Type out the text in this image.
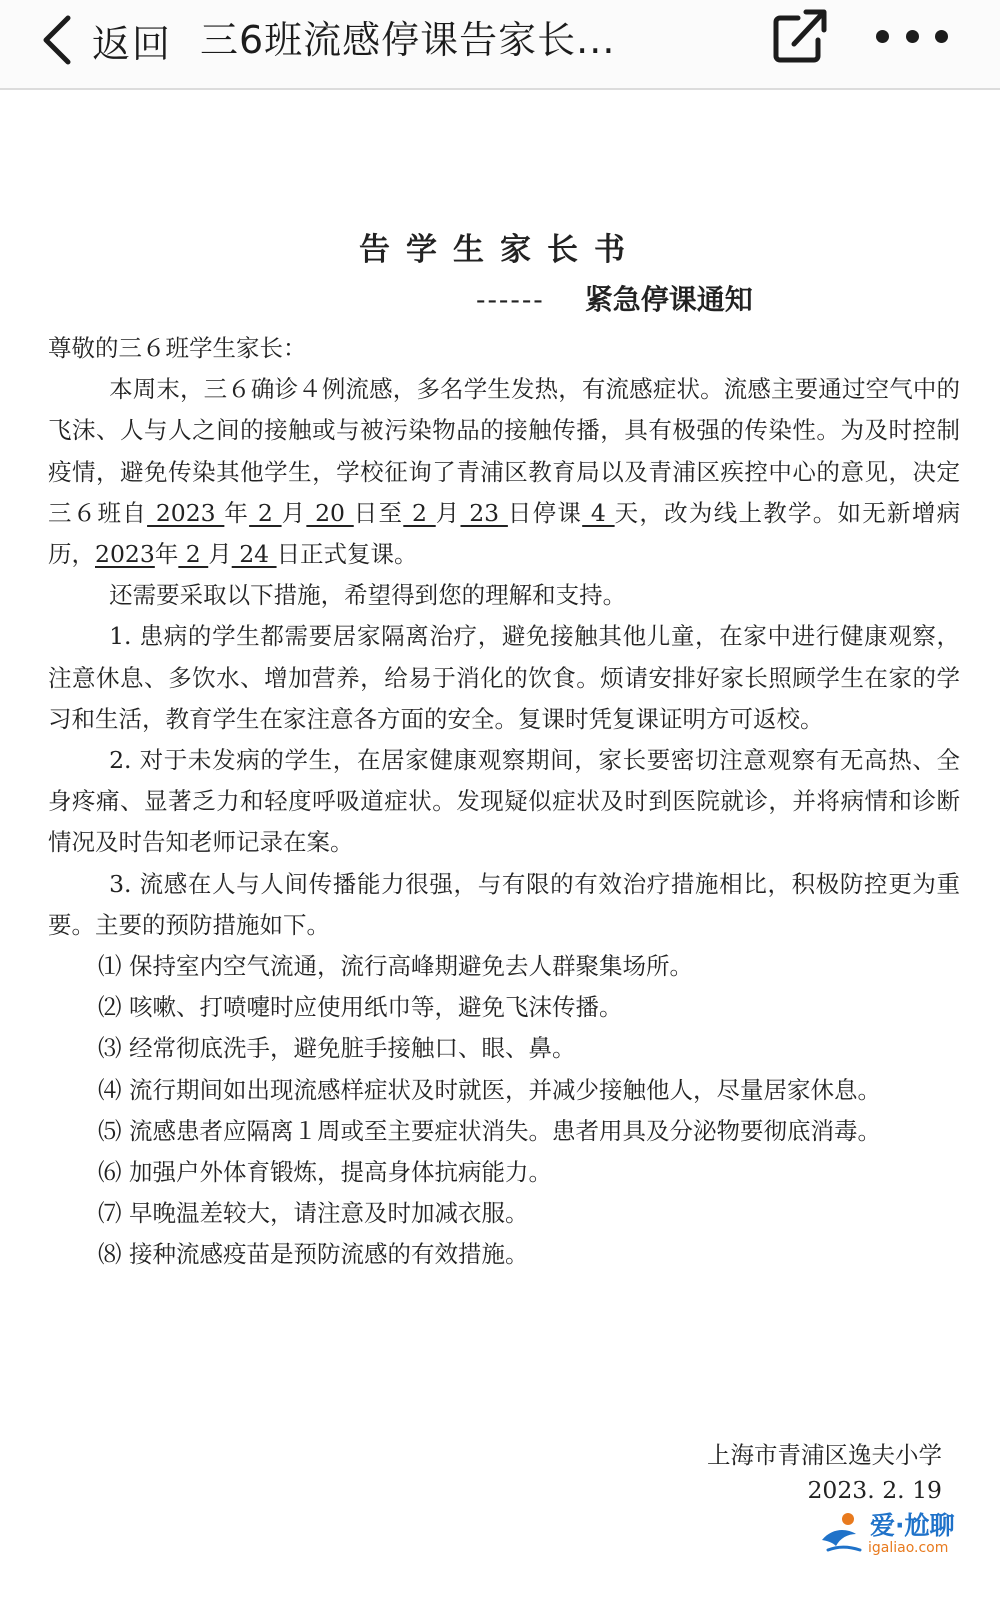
返回 三6班流感停课告家长...
告学生家长书
------ 紧急停课通知

尊敬的三６班学生家长：

本周末，三６确诊４例流感，多名学生发热，有流感症状。流感主要通过空气中的飞沫、人与人之间的接触或与被污染物品的接触传播，具有极强的传染性。为及时控制疫情，避免传染其他学生，学校征询了青浦区教育局以及青浦区疾控中心的意见，决定三６班自 2023 年 2 月 20 日至 2 月 23 日停课 4 天，改为线上教学。如无新增病历，2023年 2 月 24 日正式复课。

还需要采取以下措施，希望得到您的理解和支持。

1. 患病的学生都需要居家隔离治疗，避免接触其他儿童，在家中进行健康观察，注意休息、多饮水、增加营养，给易于消化的饮食。烦请安排好家长照顾学生在家的学习和生活，教育学生在家注意各方面的安全。复课时凭复课证明方可返校。

2. 对于未发病的学生，在居家健康观察期间，家长要密切注意观察有无高热、全身疼痛、显著乏力和轻度呼吸道症状。发现疑似症状及时到医院就诊，并将病情和诊断情况及时告知老师记录在案。

3. 流感在人与人间传播能力很强，与有限的有效治疗措施相比，积极防控更为重要。主要的预防措施如下。

⑴ 保持室内空气流通，流行高峰期避免去人群聚集场所。

⑵ 咳嗽、打喷嚏时应使用纸巾等，避免飞沫传播。

⑶ 经常彻底洗手，避免脏手接触口、眼、鼻。

⑷ 流行期间如出现流感样症状及时就医，并减少接触他人，尽量居家休息。

⑸ 流感患者应隔离１周或至主要症状消失。患者用具及分泌物要彻底消毒。

⑹ 加强户外体育锻炼，提高身体抗病能力。

⑺ 早晚温差较大，请注意及时加减衣服。

⑻ 接种流感疫苗是预防流感的有效措施。

上海市青浦区逸夫小学
2023. 2. 19
爱·尬聊
igaliao.com
